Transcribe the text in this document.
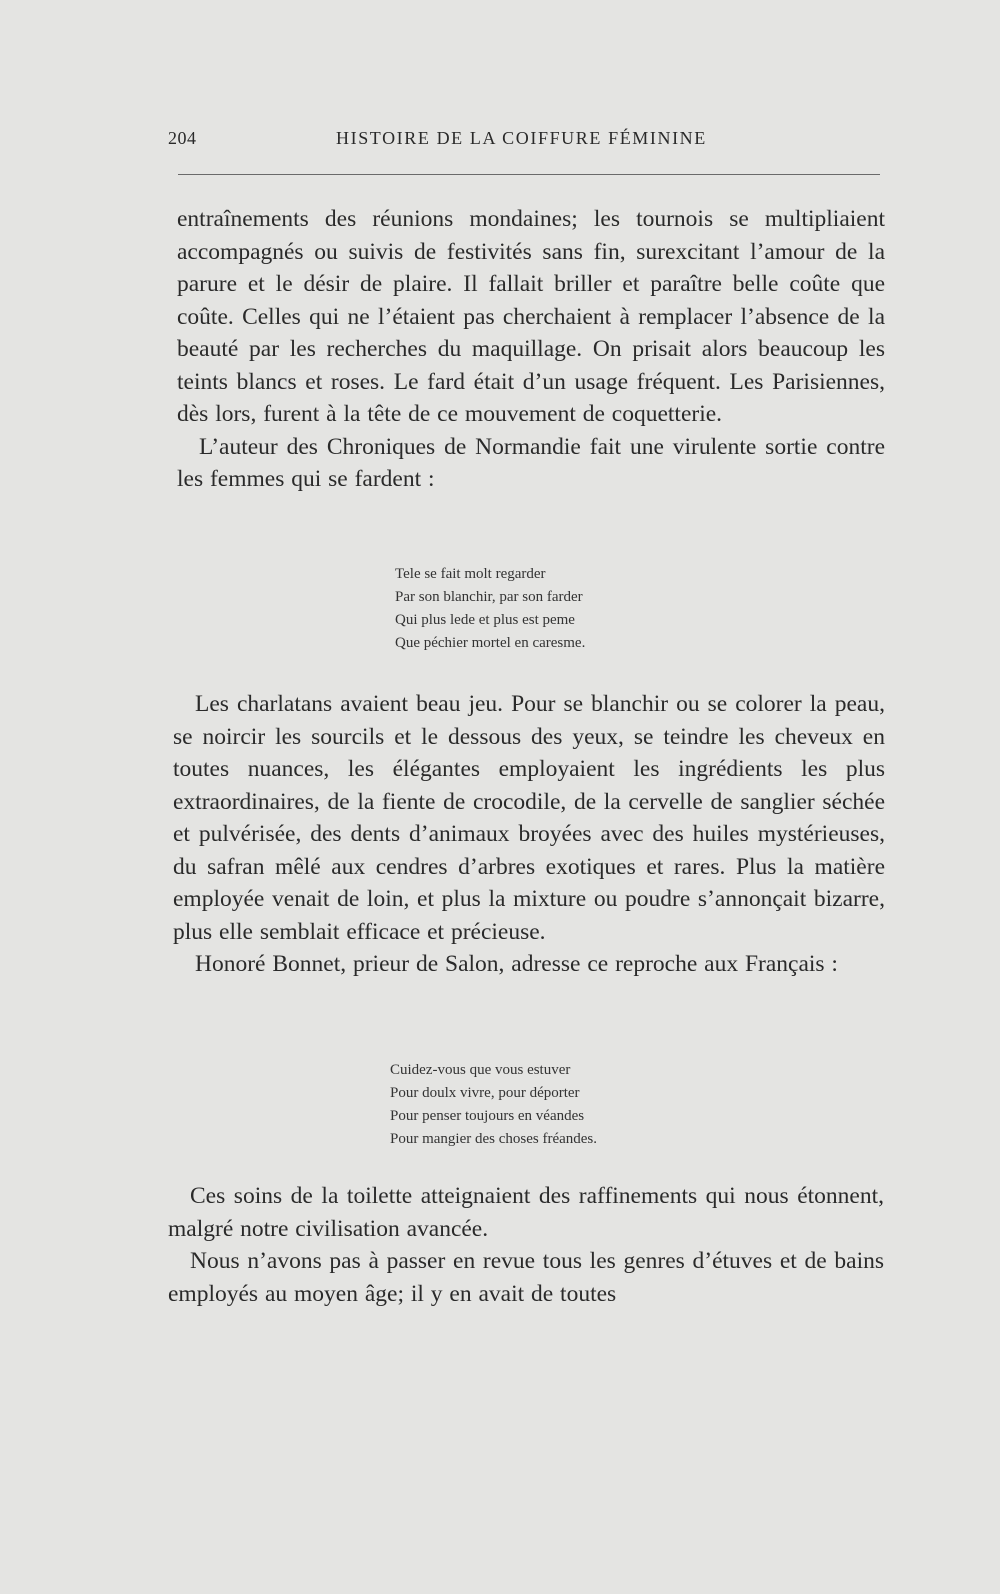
204	HISTOIRE DE LA COIFFURE FÉMININE

entraînements des réunions mondaines; les tournois se multipliaient accompagnés ou suivis de festivités sans fin, surexcitant l’amour de la parure et le désir de plaire. Il fallait briller et paraître belle coûte que coûte. Celles qui ne l’étaient pas cherchaient à remplacer l’absence de la beauté par les recherches du maquillage. On prisait alors beaucoup les teints blancs et roses. Le fard était d’un usage fréquent. Les Parisiennes, dès lors, furent à la tête de ce mouvement de coquetterie.

L’auteur des Chroniques de Normandie fait une virulente sortie contre les femmes qui se fardent :

Tele se fait molt regarder
Par son blanchir, par son farder
Qui plus lede et plus est peme
Que péchier mortel en caresme.

Les charlatans avaient beau jeu. Pour se blanchir ou se colorer la peau, se noircir les sourcils et le dessous des yeux, se teindre les cheveux en toutes nuances, les élégantes employaient les ingrédients les plus extraordinaires, de la fiente de crocodile, de la cervelle de sanglier séchée et pulvérisée, des dents d’animaux broyées avec des huiles mystérieuses, du safran mêlé aux cendres d’arbres exotiques et rares. Plus la matière employée venait de loin, et plus la mixture ou poudre s’annonçait bizarre, plus elle semblait efficace et précieuse.

Honoré Bonnet, prieur de Salon, adresse ce reproche aux Français :

Cuidez-vous que vous estuver
Pour doulx vivre, pour déporter
Pour penser toujours en véandes
Pour mangier des choses fréandes.

Ces soins de la toilette atteignaient des raffinements qui nous étonnent, malgré notre civilisation avancée.

Nous n’avons pas à passer en revue tous les genres d’étuves et de bains employés au moyen âge; il y en avait de toutes
